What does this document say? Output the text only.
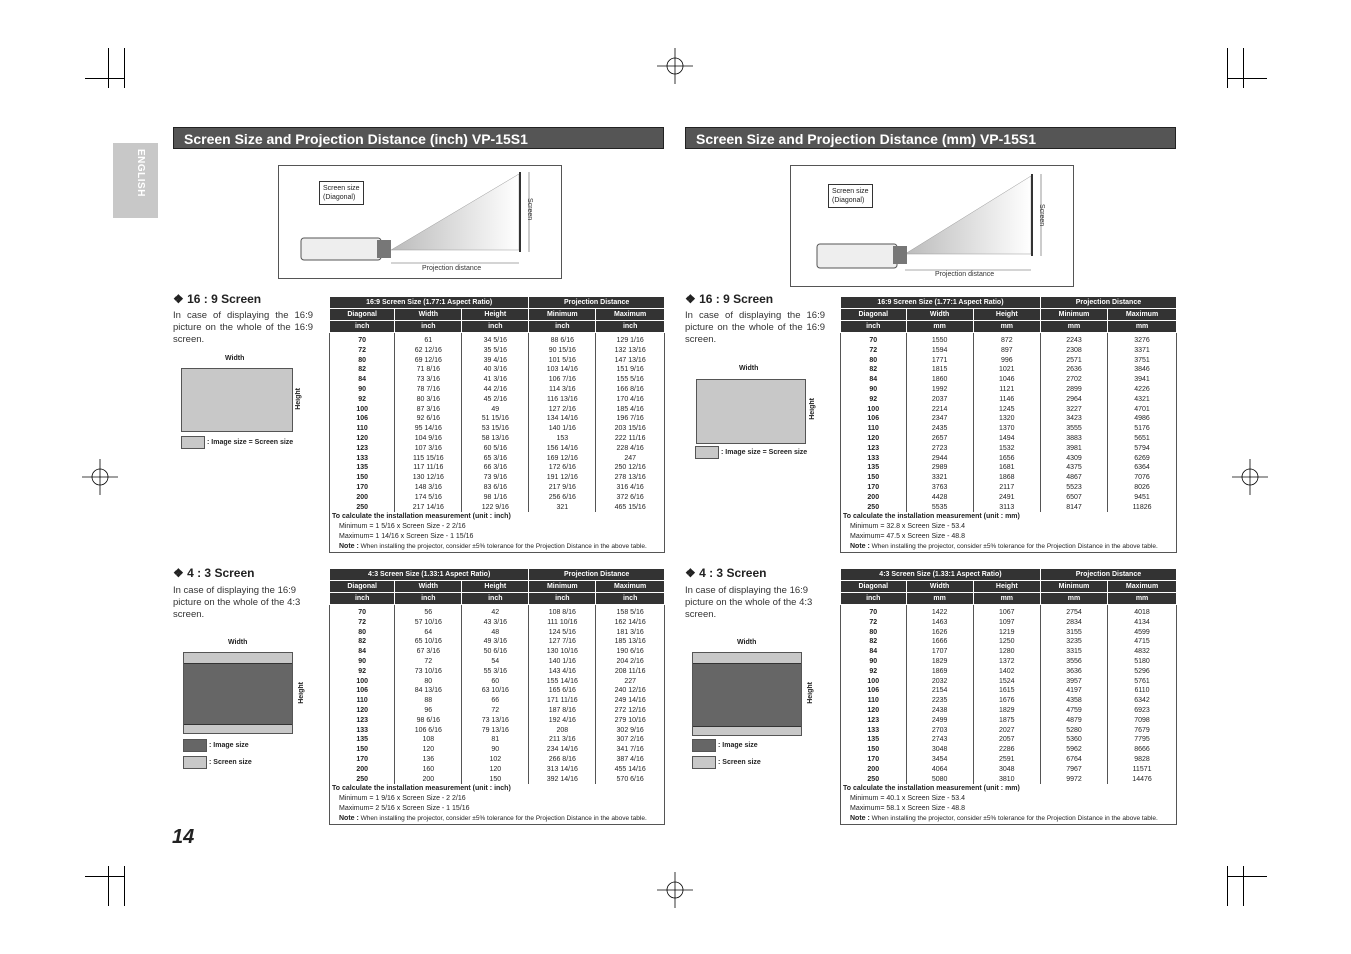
ENGLISH
Screen Size and Projection Distance (inch) VP-15S1	Screen Size and Projection Distance (mm) VP-15S1
Screen size
(Diagonal)
Screen
Projection distance
Screen size
(Diagonal)
Screen
Projection distance
❖ 16 : 9 Screen
In case of displaying the 16:9 picture on the whole of the 16:9 screen.
Width
Height
: Image size = Screen size
16:9 Screen Size (1.77:1 Aspect Ratio)			Projection Distance	
Diagonal	Width	Height	Minimum	Maximum
inch	inch	inch	inch	inch
70	61	34 5/16	88 6/16	129 1/16
72	62 12/16	35 5/16	90 15/16	132 13/16
80	69 12/16	39 4/16	101 5/16	147 13/16
82	71 8/16	40 3/16	103 14/16	151 9/16
84	73 3/16	41 3/16	106 7/16	155 5/16
90	78 7/16	44 2/16	114 3/16	166 8/16
92	80 3/16	45 2/16	116 13/16	170 4/16
100	87 3/16	49	127 2/16	185 4/16
106	92 6/16	51 15/16	134 14/16	196 7/16
110	95 14/16	53 15/16	140 1/16	203 15/16
120	104 9/16	58 13/16	153	222 11/16
123	107 3/16	60 5/16	156 14/16	228 4/16
133	115 15/16	65 3/16	169 12/16	247
135	117 11/16	66 3/16	172 6/16	250 12/16
150	130 12/16	73 9/16	191 12/16	278 13/16
170	148 3/16	83 6/16	217 9/16	316 4/16
200	174 5/16	98 1/16	256 6/16	372 6/16
250	217 14/16	122 9/16	321	465 15/16
To calculate the installation measurement (unit : inch)
Minimum = 1 5/16 x Screen Size - 2 2/16
Maximum= 1 14/16 x Screen Size - 1 15/16
Note : When installing the projector, consider ±5% tolerance for the Projection Distance in the above table.
❖ 4 : 3 Screen
In case of displaying the 16:9 picture on the whole of the 4:3 screen.
Width
Height
: Image size
: Screen size
4:3 Screen Size (1.33:1 Aspect Ratio)			Projection Distance	
Diagonal	Width	Height	Minimum	Maximum
inch	inch	inch	inch	inch
70	56	42	108 8/16	158 5/16
72	57 10/16	43 3/16	111 10/16	162 14/16
80	64	48	124 5/16	181 3/16
82	65 10/16	49 3/16	127 7/16	185 13/16
84	67 3/16	50 6/16	130 10/16	190 6/16
90	72	54	140 1/16	204 2/16
92	73 10/16	55 3/16	143 4/16	208 11/16
100	80	60	155 14/16	227
106	84 13/16	63 10/16	165 6/16	240 12/16
110	88	66	171 11/16	249 14/16
120	96	72	187 8/16	272 12/16
123	98 6/16	73 13/16	192 4/16	279 10/16
133	106 6/16	79 13/16	208	302 9/16
135	108	81	211 3/16	307 2/16
150	120	90	234 14/16	341 7/16
170	136	102	266 8/16	387 4/16
200	160	120	313 14/16	455 14/16
250	200	150	392 14/16	570 6/16
To calculate the installation measurement (unit : inch)
Minimum = 1 9/16 x Screen Size - 2 2/16
Maximum= 2 5/16 x Screen Size - 1 15/16
Note : When installing the projector, consider ±5% tolerance for the Projection Distance in the above table.
❖ 16 : 9 Screen
In case of displaying the 16:9 picture on the whole of the 16:9 screen.
Width
Height
: Image size = Screen size
16:9 Screen Size (1.77:1 Aspect Ratio)			Projection Distance	
Diagonal	Width	Height	Minimum	Maximum
inch	mm	mm	mm	mm
70	1550	872	2243	3276
72	1594	897	2308	3371
80	1771	996	2571	3751
82	1815	1021	2636	3846
84	1860	1046	2702	3941
90	1992	1121	2899	4226
92	2037	1146	2964	4321
100	2214	1245	3227	4701
106	2347	1320	3423	4986
110	2435	1370	3555	5176
120	2657	1494	3883	5651
123	2723	1532	3981	5794
133	2944	1656	4309	6269
135	2989	1681	4375	6364
150	3321	1868	4867	7076
170	3763	2117	5523	8026
200	4428	2491	6507	9451
250	5535	3113	8147	11826
To calculate the installation measurement (unit : mm)
Minimum = 32.8 x Screen Size - 53.4
Maximum= 47.5 x Screen Size - 48.8
Note : When installing the projector, consider ±5% tolerance for the Projection Distance in the above table.
❖ 4 : 3 Screen
In case of displaying the 16:9 picture on the whole of the 4:3 screen.
Width
Height
: Image size
: Screen size
4:3 Screen Size (1.33:1 Aspect Ratio)			Projection Distance	
Diagonal	Width	Height	Minimum	Maximum
inch	mm	mm	mm	mm
70	1422	1067	2754	4018
72	1463	1097	2834	4134
80	1626	1219	3155	4599
82	1666	1250	3235	4715
84	1707	1280	3315	4832
90	1829	1372	3556	5180
92	1869	1402	3636	5296
100	2032	1524	3957	5761
106	2154	1615	4197	6110
110	2235	1676	4358	6342
120	2438	1829	4759	6923
123	2499	1875	4879	7098
133	2703	2027	5280	7679
135	2743	2057	5360	7795
150	3048	2286	5962	8666
170	3454	2591	6764	9828
200	4064	3048	7967	11571
250	5080	3810	9972	14476
To calculate the installation measurement (unit : mm)
Minimum = 40.1 x Screen Size - 53.4
Maximum= 58.1 x Screen Size - 48.8
Note : When installing the projector, consider ±5% tolerance for the Projection Distance in the above table.
14
